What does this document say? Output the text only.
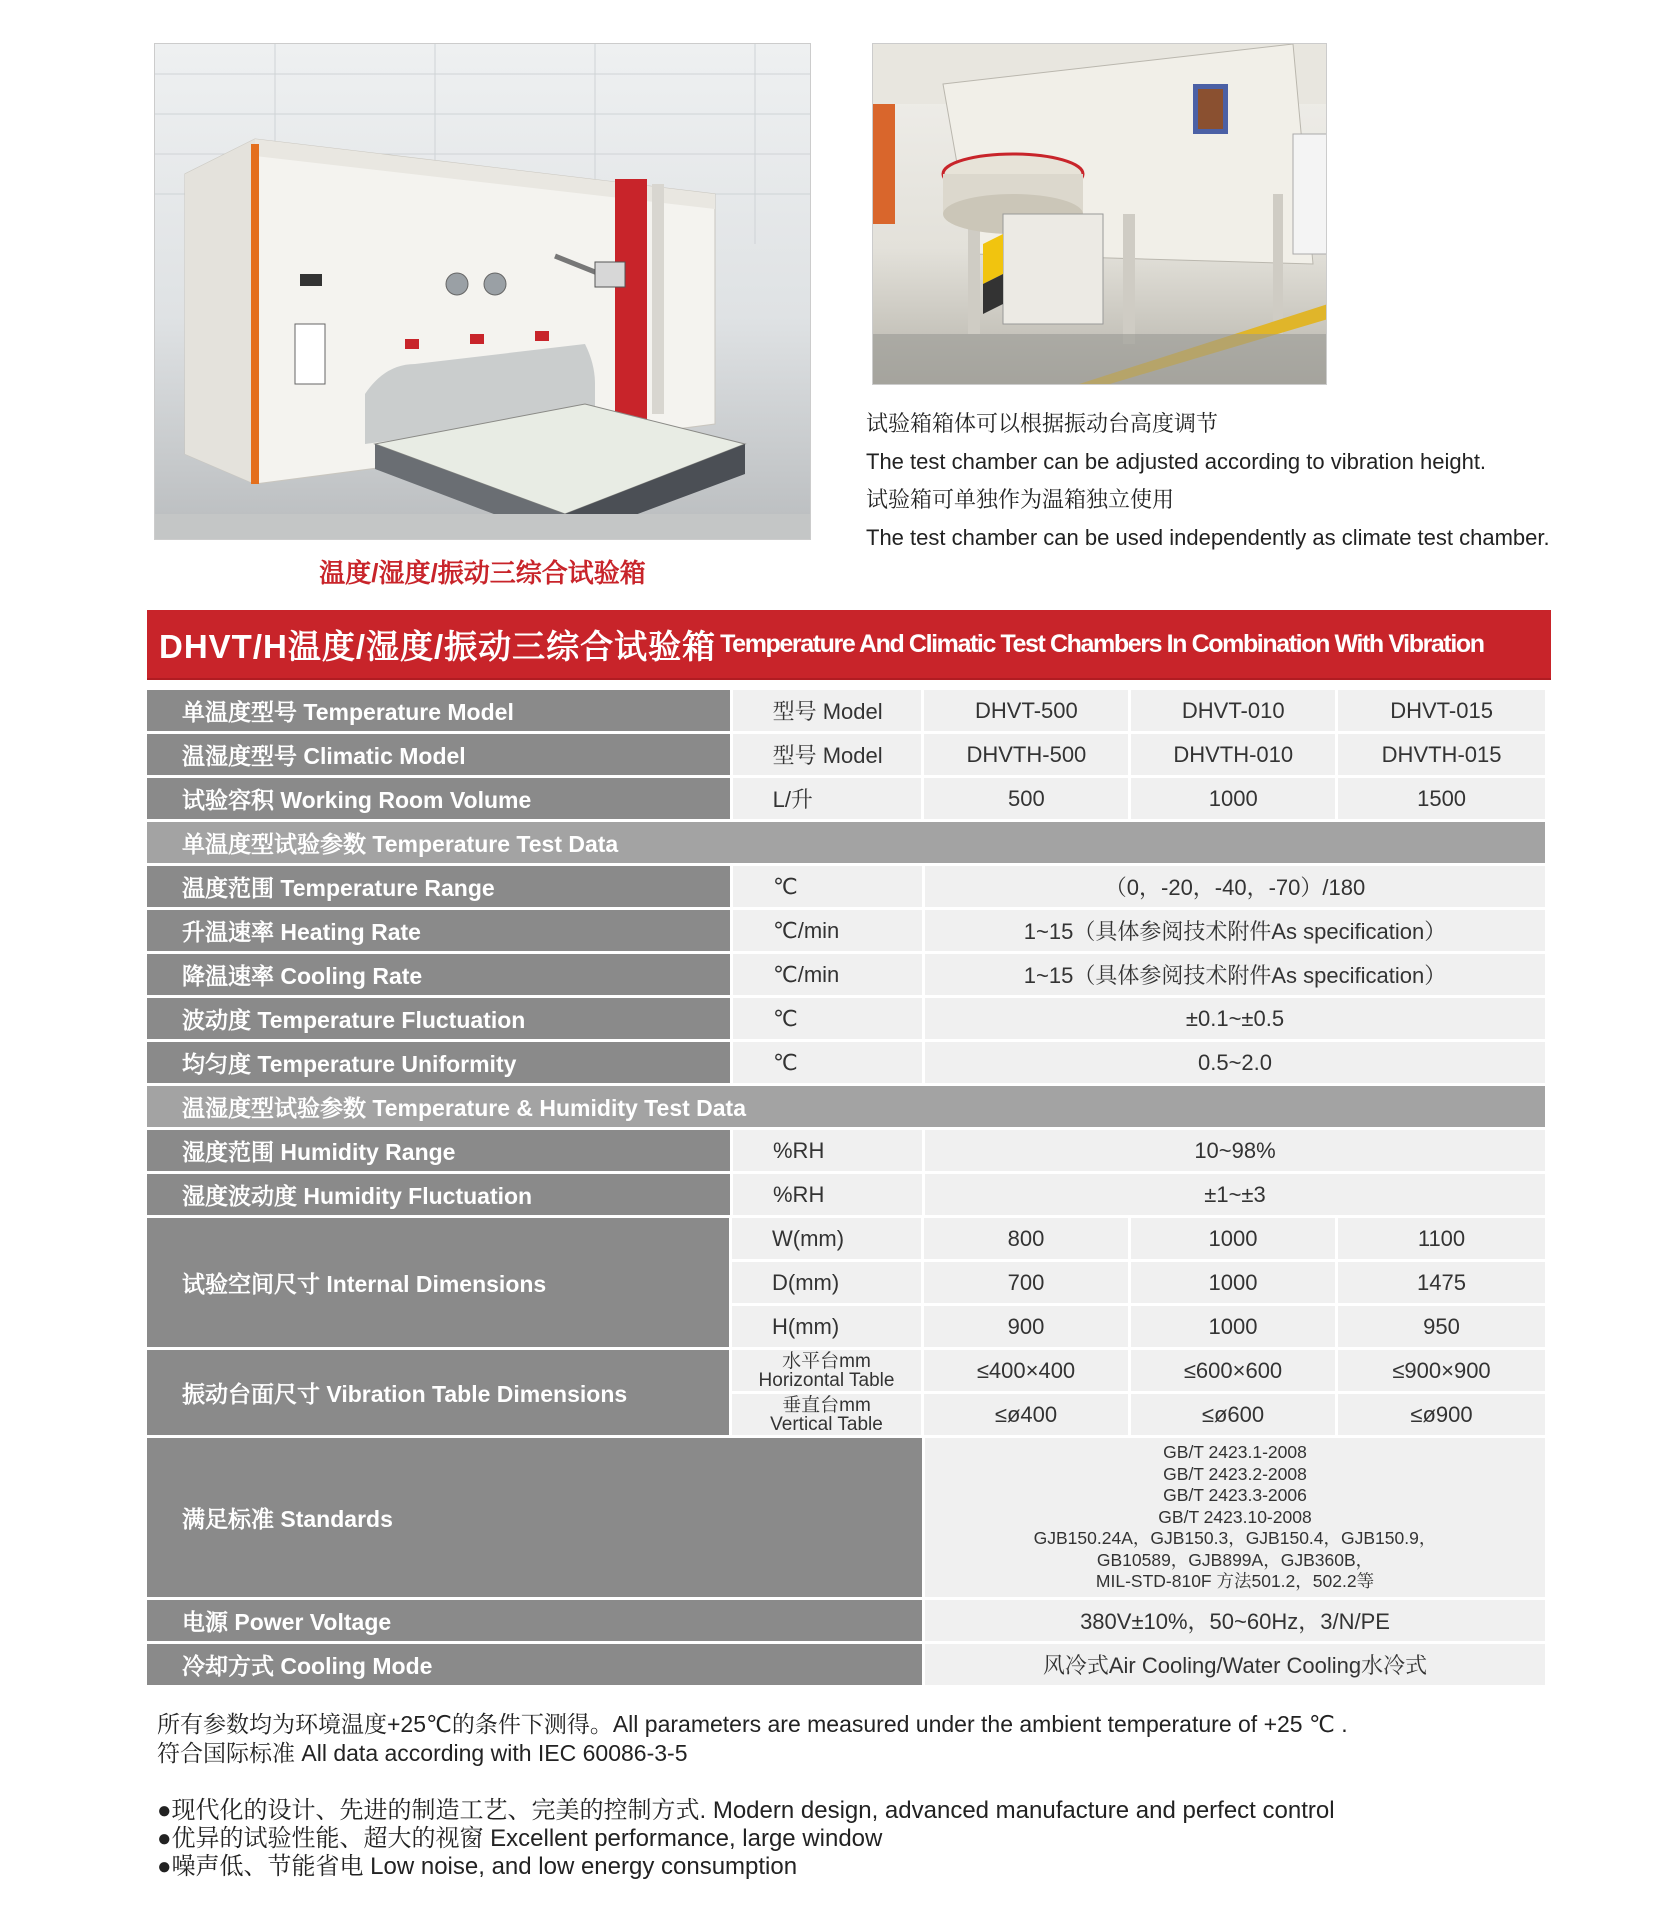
温度/湿度/振动三综合试验箱
试验箱箱体可以根据振动台高度调节
The test chamber can be adjusted according to vibration height.
试验箱可单独作为温箱独立使用
The test chamber can be used independently as climate test chamber.
DHVT/H温度/湿度/振动三综合试验箱 Temperature And Climatic Test Chambers In Combination With Vibration
单温度型号 Temperature Model	型号 Model	DHVT-500	DHVT-010	DHVT-015
温湿度型号 Climatic Model	型号 Model	DHVTH-500	DHVTH-010	DHVTH-015
试验容积 Working Room Volume	L/升	500	1000	1500
单温度型试验参数 Temperature Test Data
温度范围 Temperature Range	℃	（0，-20，-40，-70）/180
升温速率 Heating Rate	℃/min	1~15（具体参阅技术附件As specification）
降温速率 Cooling Rate	℃/min	1~15（具体参阅技术附件As specification）
波动度 Temperature Fluctuation	℃	±0.1~±0.5
均匀度 Temperature Uniformity	℃	0.5~2.0
温湿度型试验参数 Temperature & Humidity Test Data
湿度范围 Humidity Range	%RH	10~98%
湿度波动度 Humidity Fluctuation	%RH	±1~±3
试验空间尺寸 Internal Dimensions
W(mm)	800	1000	1100
D(mm)	700	1000	1475
H(mm)	900	1000	950
振动台面尺寸 Vibration Table Dimensions
水平台mm
Horizontal Table	≤400×400	≤600×600	≤900×900
垂直台mm
Vertical Table	≤ø400	≤ø600	≤ø900
满足标准 Standards
GB/T 2423.1-2008
GB/T 2423.2-2008
GB/T 2423.3-2006
GB/T 2423.10-2008
GJB150.24A，GJB150.3，GJB150.4，GJB150.9，
GB10589，GJB899A，GJB360B，
MIL-STD-810F 方法501.2，502.2等
电源 Power Voltage	380V±10%，50~60Hz，3/N/PE
冷却方式 Cooling Mode	风冷式Air Cooling/Water Cooling水冷式
所有参数均为环境温度+25℃的条件下测得。All parameters are measured under the ambient temperature of +25 ℃ .
符合国际标准 All data according with IEC 60086-3-5
●现代化的设计、先进的制造工艺、完美的控制方式. Modern design, advanced manufacture and perfect control
●优异的试验性能、超大的视窗 Excellent performance, large window
●噪声低、节能省电 Low noise, and low energy consumption
